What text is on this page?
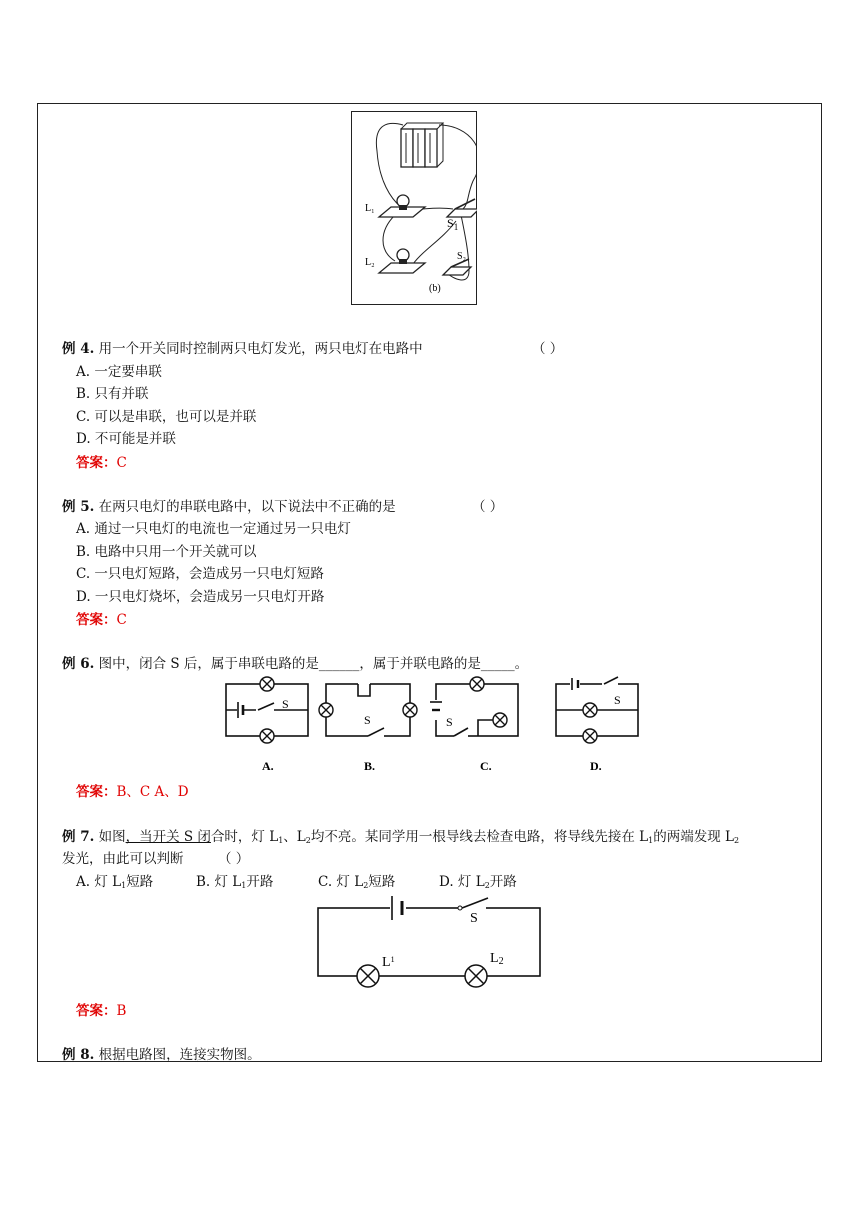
L₁
L₂
$S_1$
S₂
(b)
例 4. 用一个开关同时控制两只电灯发光，两只电灯在电路中	（ ）
A. 一定要串联
B. 只有并联
C. 可以是串联，也可以是并联
D. 不可能是并联
答案：C
例 5. 在两只电灯的串联电路中，以下说法中不正确的是	（ ）
A. 通过一只电灯的电流也一定通过另一只电灯
B. 电路中只用一个开关就可以
C. 一只电灯短路，会造成另一只电灯短路
D. 一只电灯烧坏，会造成另一只电灯开路
答案：C
例 6. 图中，闭合 S 后，属于串联电路的是______，属于并联电路的是_____。
S
S	S
S
A.	B.	C.	D.
答案：B、C A、D
例 7. 如图，当开关 S 闭合时，灯 $L_1$、$L_2$均不亮。某同学用一根导线去检查电路，将导线先接在 $L_1$的两端发现 $L_2$
发光，由此可以判断	（ ）
A. 灯 $L_1$短路	B. 灯 $L_1$开路	C. 灯 $L_2$短路	D. 灯 $L_2$开路
S
$L^1$	L2
答案：B
例 8. 根据电路图，连接实物图。
